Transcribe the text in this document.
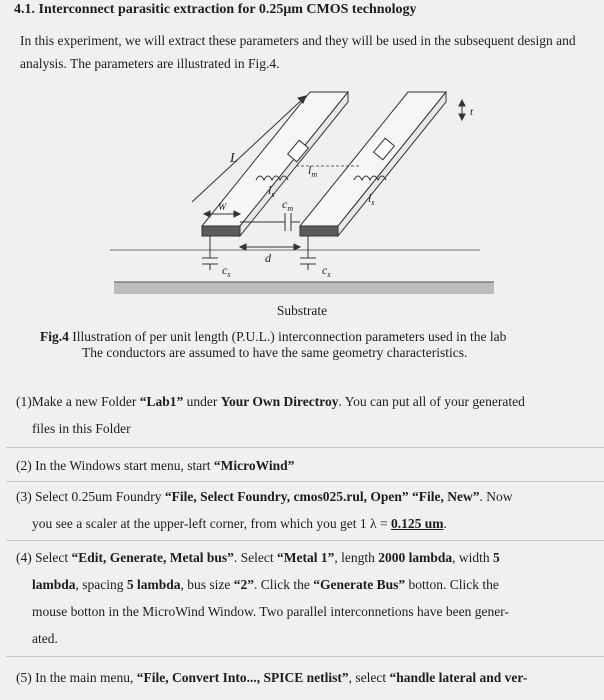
4.1. Interconnect parasitic extraction for 0.25μm CMOS technology
In this experiment, we will extract these parameters and they will be used in the subsequent design and analysis. The parameters are illustrated in Fig.4.
L
$l_m$
$l_s$	$l_s$
$c_m$
W
d
$c_s$	$c_s$
t
Substrate
Fig.4 Illustration of per unit length (P.U.L.) interconnection parameters used in the lab
The conductors are assumed to have the same geometry characteristics.

(1)Make a new Folder “Lab1” under Your Own Directroy. You can put all of your generated

files in this Folder

(2) In the Windows start menu, start “MicroWind”

(3) Select 0.25um Foundry “File, Select Foundry, cmos025.rul, Open” “File, New”. Now

you see a scaler at the upper-left corner, from which you get 1 λ = 0.125 um.

(4) Select “Edit, Generate, Metal bus”. Select “Metal 1”, length 2000 lambda, width 5

lambda, spacing 5 lambda, bus size “2”. Click the “Generate Bus” botton. Click the

mouse botton in the MicroWind Window. Two parallel interconnetions have been gener-

ated.

(5) In the main menu, “File, Convert Into..., SPICE netlist”, select “handle lateral and ver-
